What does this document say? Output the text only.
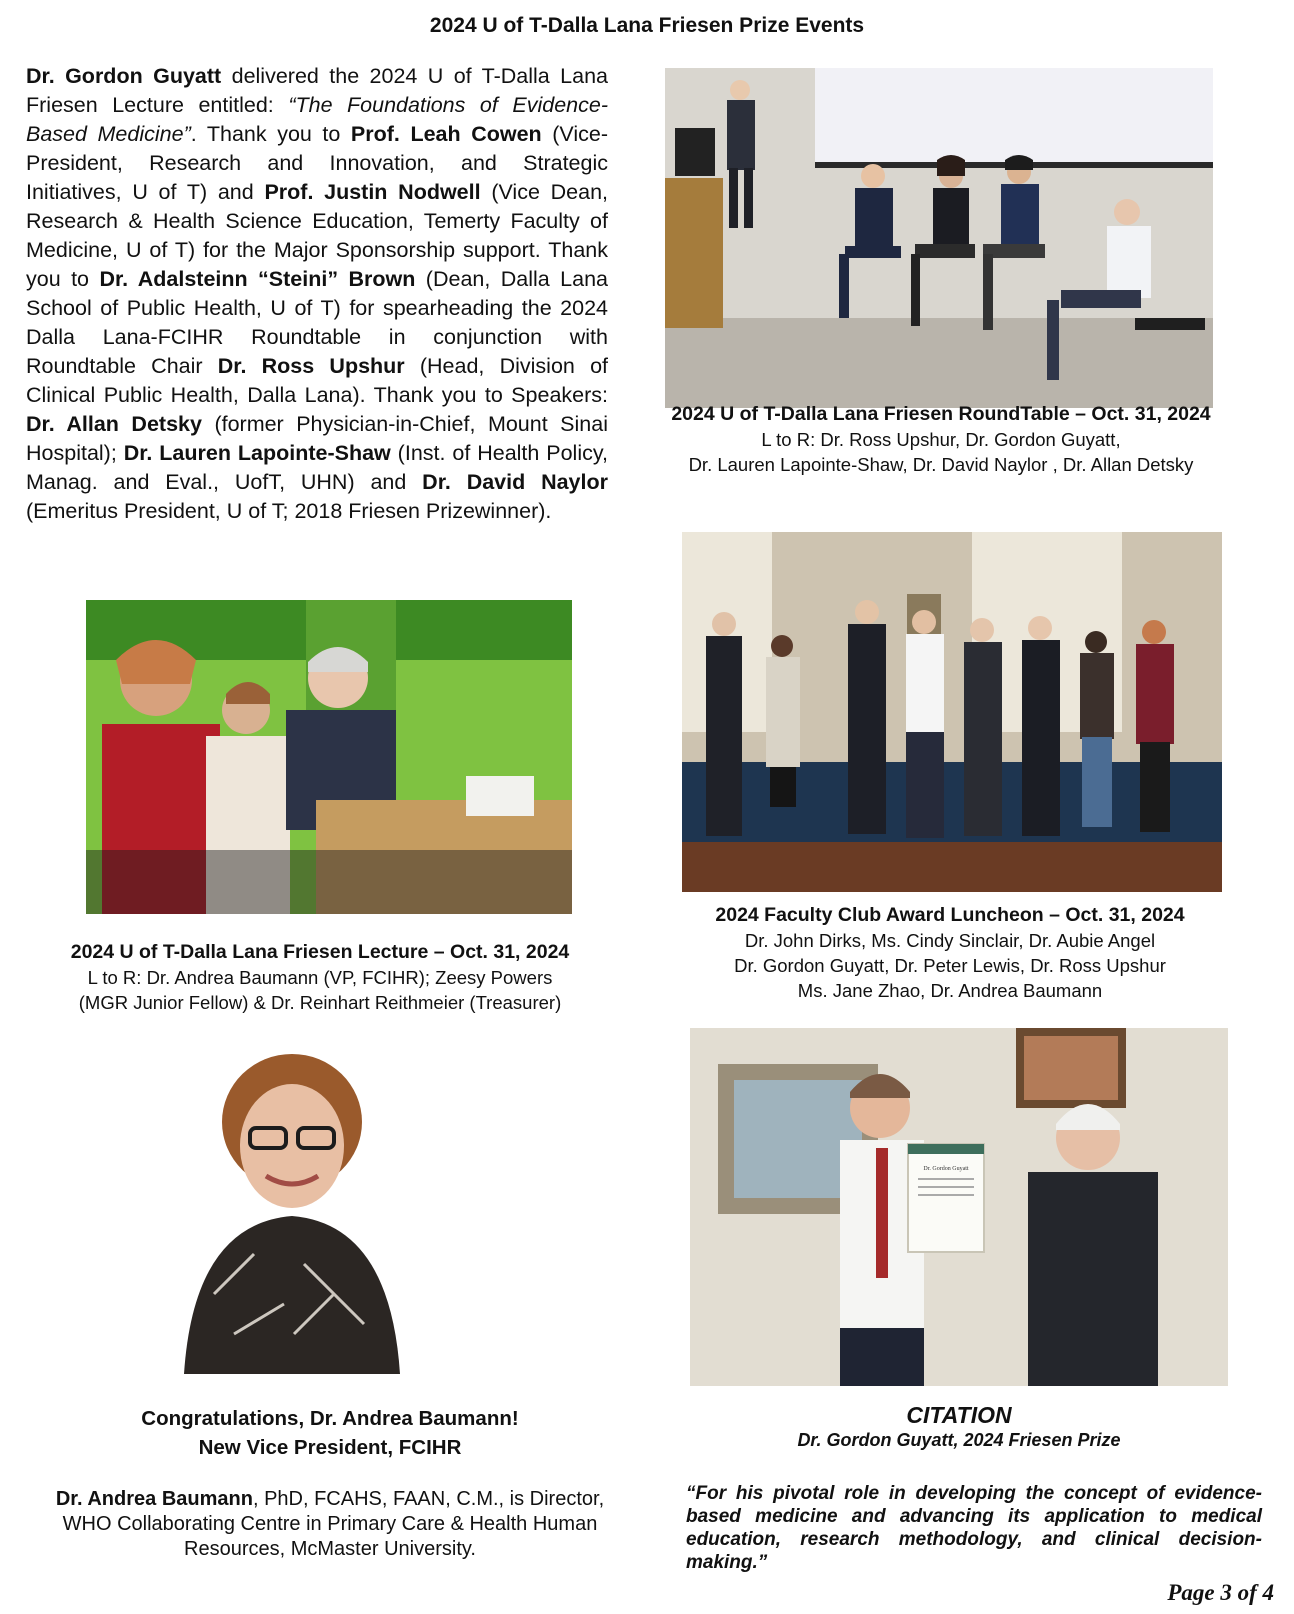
2024 U of T-Dalla Lana Friesen Prize Events
Dr. Gordon Guyatt delivered the 2024 U of T-Dalla Lana Friesen Lecture entitled: “The Foundations of Evidence-Based Medicine”. Thank you to Prof. Leah Cowen (Vice-President, Research and Innovation, and Strategic Initiatives, U of T) and Prof. Justin Nodwell (Vice Dean, Research & Health Science Education, Temerty Faculty of Medicine, U of T) for the Major Sponsorship support. Thank you to Dr. Adalsteinn “Steini” Brown (Dean, Dalla Lana School of Public Health, U of T) for spearheading the 2024 Dalla Lana-FCIHR Roundtable in conjunction with Roundtable Chair Dr. Ross Upshur (Head, Division of Clinical Public Health, Dalla Lana). Thank you to Speakers: Dr. Allan Detsky (former Physician-in-Chief, Mount Sinai Hospital); Dr. Lauren Lapointe-Shaw (Inst. of Health Policy, Manag. and Eval., UofT, UHN) and Dr. David Naylor (Emeritus President, U of T; 2018 Friesen Prizewinner).
2024 U of T-Dalla Lana Friesen RoundTable – Oct. 31, 2024
L to R: Dr. Ross Upshur, Dr. Gordon Guyatt,
Dr. Lauren Lapointe-Shaw, Dr. David Naylor , Dr. Allan Detsky
2024 Faculty Club Award Luncheon – Oct. 31, 2024
Dr. John Dirks, Ms. Cindy Sinclair, Dr. Aubie Angel
Dr. Gordon Guyatt, Dr. Peter Lewis, Dr. Ross Upshur
Ms. Jane Zhao, Dr. Andrea Baumann
2024 U of T-Dalla Lana Friesen Lecture – Oct. 31, 2024
L to R: Dr. Andrea Baumann (VP, FCIHR); Zeesy Powers
(MGR Junior Fellow) & Dr. Reinhart Reithmeier (Treasurer)
Congratulations, Dr. Andrea Baumann!
New Vice President, FCIHR
Dr. Andrea Baumann, PhD, FCAHS, FAAN, C.M., is Director, WHO Collaborating Centre in Primary Care & Health Human Resources, McMaster University.
Dr. Gordon Guyatt
CITATION
Dr. Gordon Guyatt, 2024 Friesen Prize
“For his pivotal role in developing the concept of evidence-based medicine and advancing its application to medical education, research methodology, and clinical decision-making.”
Page 3 of 4
